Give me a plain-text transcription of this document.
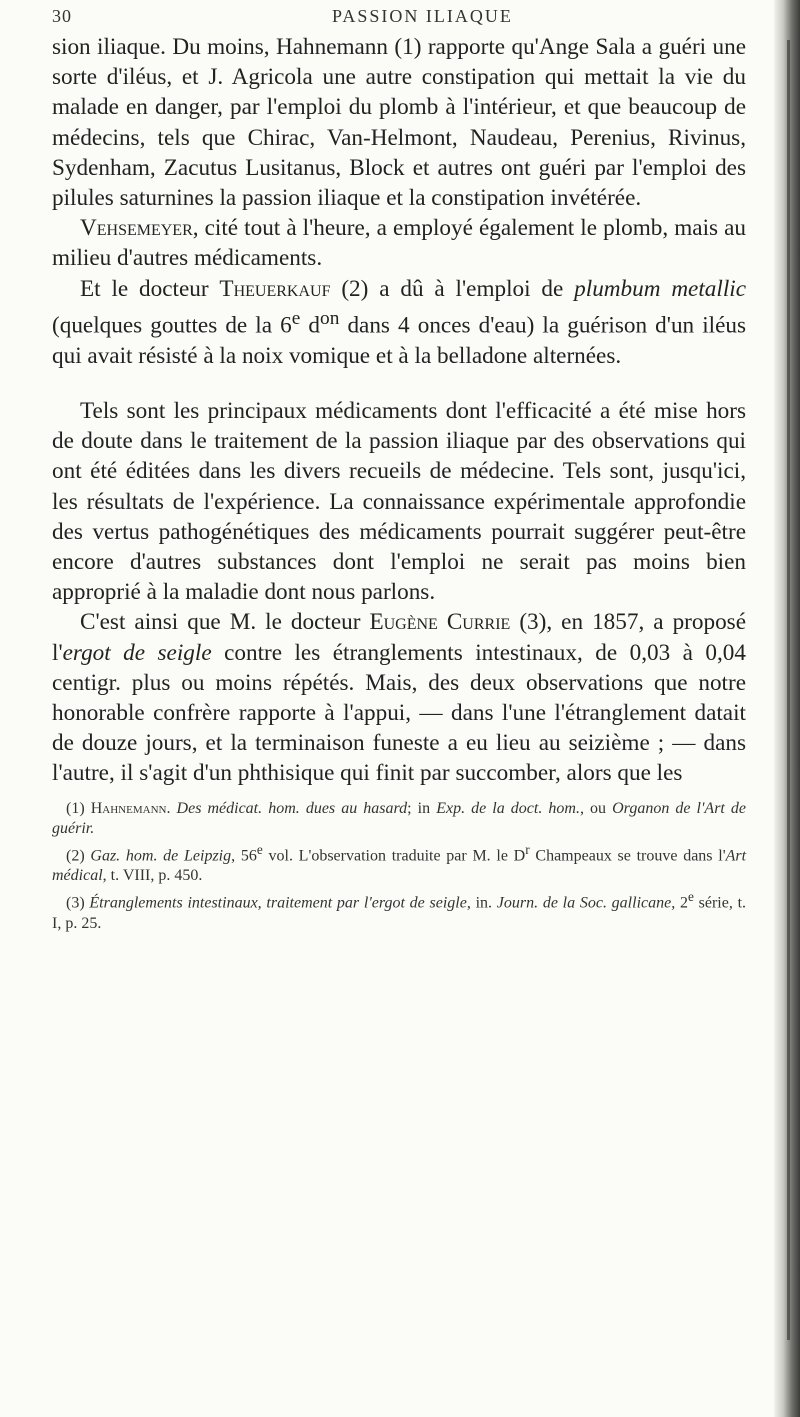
30	PASSION ILIAQUE

sion iliaque. Du moins, Hahnemann (1) rapporte qu'Ange Sala a guéri une sorte d'iléus, et J. Agricola une autre constipation qui mettait la vie du malade en danger, par l'emploi du plomb à l'intérieur, et que beaucoup de médecins, tels que Chirac, Van-Helmont, Naudeau, Perenius, Rivinus, Sydenham, Zacutus Lusitanus, Block et autres ont guéri par l'emploi des pilules saturnines la passion iliaque et la constipation invétérée.

Vehsemeyer, cité tout à l'heure, a employé également le plomb, mais au milieu d'autres médicaments.

Et le docteur Theuerkauf (2) a dû à l'emploi de plumbum metallic (quelques gouttes de la 6e $d^{on}$ dans 4 onces d'eau) la guérison d'un iléus qui avait résisté à la noix vomique et à la belladone alternées.

Tels sont les principaux médicaments dont l'efficacité a été mise hors de doute dans le traitement de la passion iliaque par des observations qui ont été éditées dans les divers recueils de médecine. Tels sont, jusqu'ici, les résultats de l'expérience. La connaissance expérimentale approfondie des vertus pathogénétiques des médicaments pourrait suggérer peut-être encore d'autres substances dont l'emploi ne serait pas moins bien approprié à la maladie dont nous parlons.

C'est ainsi que M. le docteur Eugène Currie (3), en 1857, a proposé l'ergot de seigle contre les étranglements intestinaux, de 0,03 à 0,04 centigr. plus ou moins répétés. Mais, des deux observations que notre honorable confrère rapporte à l'appui, — dans l'une l'étranglement datait de douze jours, et la terminaison funeste a eu lieu au seizième ; — dans l'autre, il s'agit d'un phthisique qui finit par succomber, alors que les

(1) Hahnemann. Des médicat. hom. dues au hasard; in Exp. de la doct. hom., ou Organon de l'Art de guérir.

(2) Gaz. hom. de Leipzig, 56e vol. L'observation traduite par M. le $D^r$ Champeaux se trouve dans l'Art médical, t. VIII, p. 450.

(3) Étranglements intestinaux, traitement par l'ergot de seigle, in. Journ. de la Soc. gallicane, 2e série, t. I, p. 25.
